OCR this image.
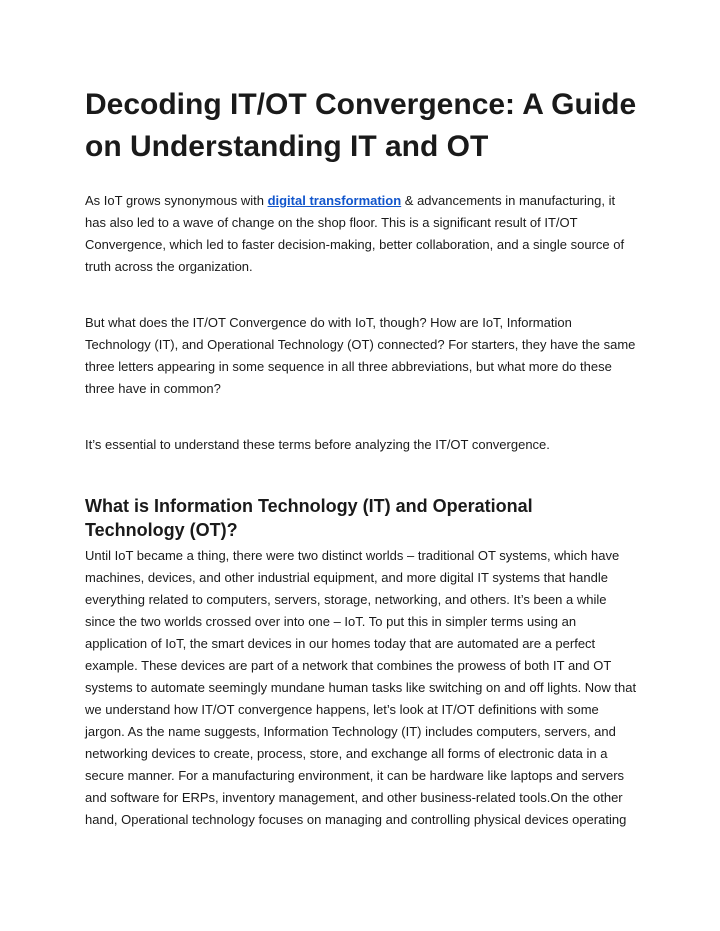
Decoding IT/OT Convergence: A Guide on Understanding IT and OT

As IoT grows synonymous with digital transformation & advancements in manufacturing, it has also led to a wave of change on the shop floor. This is a significant result of IT/OT Convergence, which led to faster decision-making, better collaboration, and a single source of truth across the organization.

But what does the IT/OT Convergence do with IoT, though? How are IoT, Information Technology (IT), and Operational Technology (OT) connected? For starters, they have the same three letters appearing in some sequence in all three abbreviations, but what more do these three have in common?

It’s essential to understand these terms before analyzing the IT/OT convergence.

What is Information Technology (IT) and Operational Technology (OT)?

Until IoT became a thing, there were two distinct worlds – traditional OT systems, which have machines, devices, and other industrial equipment, and more digital IT systems that handle everything related to computers, servers, storage, networking, and others. It’s been a while since the two worlds crossed over into one – IoT. To put this in simpler terms using an application of IoT, the smart devices in our homes today that are automated are a perfect example. These devices are part of a network that combines the prowess of both IT and OT systems to automate seemingly mundane human tasks like switching on and off lights. Now that we understand how IT/OT convergence happens, let’s look at IT/OT definitions with some jargon. As the name suggests, Information Technology (IT) includes computers, servers, and networking devices to create, process, store, and exchange all forms of electronic data in a secure manner. For a manufacturing environment, it can be hardware like laptops and servers and software for ERPs, inventory management, and other business-related tools.On the other hand, Operational technology focuses on managing and controlling physical devices operating
